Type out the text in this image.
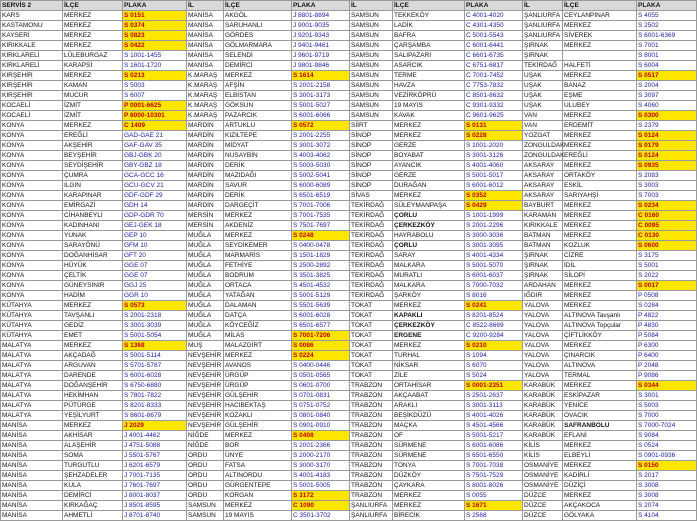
SERVİS 2	İLÇE	PLAKA	İL	İLÇE	PLAKA	İL	İLÇE	PLAKA	İL	İLÇE	PLAKA
KARS	MERKEZ	S 0151	MANİSA	AKGÖL	J 8801-8894	SAMSUN	TEKKEKÖY	C 4001-4020	ŞANLIURFA	CEYLANPINAR	S 4055
KASTAMONU	MERKEZ	S 0374	MANİSA	SARUHANLI	J 9001-9035	SAMSUN	LADİK	C 4301-4350	ŞANLIURFA	MERKEZ	S 2502
KAYSERİ	MERKEZ	S 0823	MANİSA	GÖRDES	J 9201-9343	SAMSUN	BAFRA	C 5001-5543	ŞANLIURFA	SİVEREK	S 6001-6369
KIRIKKALE	MERKEZ	S 0422	MANİSA	GÖLMARMARA	J 9401-9461	SAMSUN	ÇARŞAMBA	C 6001-6441	ŞIRNAK	MERKEZ	S 7001
KIRKLARELİ	LÜLEBURGAZ	S 1001-1455	MANİSA	SELENDİ	J 9601-9719	SAMSUN	SALIPAZARI	C 6601-6735	ŞIRNAK		S 8001
KIRKLARELİ	KARAPSİ	S 1601-1720	MANİSA	DEMİRCİ	J 9801-9846	SAMSUN	ASARCIK	C 6751-6817	TEKİRDAĞ	HALFETİ	S 6004
KIRŞEHİR	MERKEZ	S 0213	K.MARAŞ	MERKEZ	S 1614	SAMSUN	TERME	C 7001-7452	UŞAK	MERKEZ	S 0517
KIRŞEHİR	KAMAN	S 5003	K.MARAŞ	AFŞİN	S 2001-2158	SAMSUN	HAVZA	C 7753-7832	UŞAK	BANAZ	S 2004
KIRŞEHİR	MUCUR	S 6007	K.MARAŞ	ELBİSTAN	S 3001-3173	SAMSUN	VEZİRKÖPRÜ	C 8501-8632	UŞAK	EŞME	S 3097
KOCAELİ	İZMİT	P 0001-6625	K.MARAŞ	GÖKSUN	S 5001-5027	SAMSUN	19 MAYIS	C 9301-9332	UŞAK	ULUBEY	S 4060
KOCAELİ	İZMİT	P 8000-10301	K.MARAŞ	PAZARCIK	S 6001-6066	SAMSUN	KAVAK	C 9601-9625	VAN	MERKEZ	S 0300
KONYA	MERKEZ	C 1409	MARDİN	ARTUKLU	S 0572	SİİRT	MERKEZ	S 0131	VAN	ERDEMİT	S 2379
KONYA	EREĞLİ	GAD-GAE 21	MARDİN	KIZILTEPE	S 2001-2255	SİNOP	MERKEZ	S 0228	YOZGAT	MERKEZ	S 0124
KONYA	AKŞEHİR	GAF-GAV 35	MARDİN	MİDYAT	S 3001-3072	SİNOP	GERZE	S 1001-2020	ZONGULDAK	MERKEZ	S 0179
KONYA	BEYŞEHİR	GBJ-GBK 20	MARDİN	NUSAYBİN	S 4003-4062	SİNOP	BOYABAT	S 3001-3126	ZONGULDAK	EREĞLİ	S 0124
KONYA	SEYDİŞEHİR	GBY-GBZ 18	MARDİN	DERİK	S 5003-5030	SİNOP	AYANCIK	S 4001-4060	AKSARAY	MERKEZ	S 0935
KONYA	ÇUMRA	GCA-GCC 16	MARDİN	MAZIDAĞI	S 5002-5041	SİNOP	GERZE	S 5001-5017	AKSARAY	ORTAKÖY	S 2083
KONYA	ILGIN	GCU-GCV 21	MARDİN	SAVUR	S 6000-6089	SİNOP	DURAĞAN	S 6001-6012	AKSARAY	ESKİL	S 3003
KONYA	KARAPINAR	GDF-GDF 29	MARDİN	DERİK	S 6501-6519	SİVAS	MERKEZ	S 0352	AKSARAY	SARIYAHŞİ	S 7003
KONYA	EMİRGAZİ	GDH 14	MARDİN	DARGEÇİT	S 7001-7006	TEKİRDAĞ	SÜLEYMANPAŞA	S 0429	BAYBURT	MERKEZ	S 0234
KONYA	CİHANBEYLİ	GDP-GDR 70	MERSİN	MERKEZ	S 7001-7535	TEKİRDAĞ	ÇORLU	S 1001-1999	KARAMAN	MERKEZ	C 0160
KONYA	KADINHANI	GEJ-GEK 18	MERSİN	AKDENİZ	S 7501-7697	TEKİRDAĞ	ÇERKEZKÖY	S 2001-2296	KIRIKKALE	MERKEZ	C 0095
KONYA	YUNAK	GEP 10	MUĞLA	MERKEZ	S 0248	TEKİRDAĞ	HAYRABOLU	S 3000-3036	BATMAN	MERKEZ	C 0130
KONYA	SARAYÖNÜ	GFM 10	MUĞLA	SEYDİKEMER	S 0400-0478	TEKİRDAĞ	ÇORLU	S 3001-3095	BATMAN	KOZLUK	S 0600
KONYA	DOĞANHİSAR	GFT 20	MUĞLA	MARMARİS	S 1501-1829	TEKİRDAĞ	SARAY	S 4001-4334	ŞIRNAK	CİZRE	S 3175
KONYA	HÜYÜK	GGE 07	MUĞLA	FETHİYE	S 2500-2892	TEKİRDAĞ	MALKARA	S 5001-5070	ŞIRNAK	İDİL	S 5001
KONYA	ÇELTİK	GGE 07	MUĞLA	BODRUM	S 3501-3825	TEKİRDAĞ	MURATLI	S 6001-6037	ŞIRNAK	SİLOPİ	S 2022
KONYA	GÜNEYSINIR	GGJ 25	MUĞLA	ORTACA	S 4501-4532	TEKİRDAĞ	MALKARA	S 7000-7032	ARDAHAN	MERKEZ	S 0017
KONYA	HADİM	GGR 10	MUĞLA	YATAĞAN	S 5001-5129	TEKİRDAĞ	ŞARKÖY	S 8016	IĞDIR	MERKEZ	P 0508
KÜTAHYA	MERKEZ	S 0573	MUĞLA	DALAMAN	S 5501-5639	TOKAT	MERKEZ	S 0241	YALOVA	MERKEZ	S 0284
KÜTAHYA	TAVŞANLI	S 2001-2318	MUĞLA	DATÇA	S 6001-6028	TOKAT	KAPAKLI	S 8201-8524	YALOVA	ALTINOVA Tavşanlı	P 4822
KÜTAHYA	GEDİZ	S 3001-3039	MUĞLA	KÖYCEĞİZ	S 6501-6577	TOKAT	ÇERKEZKÖY	C 8522-8669	YALOVA	ALTINOVA Topçular	P 4830
KÜTAHYA	EMET	S 5001-5054	MUĞLA	MİLAS	S 7001-7206	TOKAT	ERGENE	C 9200-9284	YALOVA	ÇİFTLİKKÖY	P 5084
MALATYA	MERKEZ	S 1368	MUŞ	MALAZGİRT	S 0086	TOKAT	MERKEZ	S 0210	YALOVA	MERKEZ	P 6300
MALATYA	AKÇADAĞ	S 5001-5114	NEVŞEHİR	MERKEZ	S 0224	TOKAT	TURHAL	S 1094	YALOVA	ÇINARCIK	P 6400
MALATYA	ARGUVAN	S 5701-5787	NEVŞEHİR	AVANOS	S 0400-0446	TOKAT	NİKSAR	S 6070	YALOVA	ALTINOVA	P 2048
MALATYA	DARENDE	S 6001-6028	NEVŞEHİR	ÜRGÜP	S 0501-0565	TOKAT	ZİLE	S 5024	YALOVA	TERMAL	P 9086
MALATYA	DOĞANŞEHİR	S 6750-6880	NEVŞEHİR	ÜRGÜP	S 0601-0700	TRABZON	ORTAHİSAR	S 0001-2351	KARABÜK	MERKEZ	S 0344
MALATYA	HEKİMHAN	S 7801-7822	NEVŞEHİR	GÜLŞEHİR	S 0701-0831	TRABZON	AKÇAABAT	S 2501-2637	KARABÜK	ESKİPAZAR	S 3001
MALATYA	PÜTÜRGE	S 8201-8333	NEVŞEHİR	HACIBEKTAŞ	S 0751-0752	TRABZON	ARAKLI	S 3001-3113	KARABÜK	YENİCE	S 5003
MALATYA	YEŞİLYURT	S 8601-8679	NEVŞEHİR	KOZAKLI	S 0801-0840	TRABZON	BEŞİKDÜZÜ	S 4001-4026	KARABÜK	OVACIK	S 7000
MANİSA	MERKEZ	J 2029	NEVŞEHİR	GÜLŞEHİR	S 0901-0910	TRABZON	MAÇKA	S 4501-4566	KARABÜK	SAFRANBOLU	S 7000-7024
MANİSA	AKHİSAR	J 4001-4462	NİĞDE	MERKEZ	S 0408	TRABZON	OF	S 5001-5217	KARABÜK	EFLANİ	S 9084
MANİSA	ALAŞEHİR	J 4751-5088	NİĞDE	BOR	S 2001-2366	TRABZON	SÜRMENE	S 6001-6086	KİLİS	MERKEZ	S 0524
MANİSA	SOMA	J 5501-5767	ORDU	ÜNYE	S 2000-2170	TRABZON	SÜRMENE	S 6501-6550	KİLİS	ELBEYLİ	S 0901-0936
MANİSA	TURGUTLU	J 6201-6579	ORDU	FATSA	S 3000-3170	TRABZON	TONYA	S 7001-7038	OSMANİYE	MERKEZ	S 0150
MANİSA	ŞEHZADELER	J 7001-7135	ORDU	ALTINORDU	S 4001-4183	TRABZON	DÜZKÖY	S 7501-7529	OSMANİYE	KADİRLİ	S 2017
MANİSA	KULA	J 7601-7697	ORDU	GÜRGENTEPE	S 5001-5005	TRABZON	ÇAYKARA	S 8001-8026	OSMANİYE	DÜZİÇİ	S 3008
MANİSA	DEMİRCİ	J 8001-8037	ORDU	KORGAN	S 3172	TRABZON	MERKEZ	S 0055	DÜZCE	MERKEZ	S 3008
MANİSA	KIRKAĞAÇ	J 8501-8595	SAMSUN	MERKEZ	C 1090	ŞANLIURFA	MERKEZ	S 1671	DÜZCE	AKÇAKOCA	S 2074
MANİSA	AHMETLİ	J 8701-8740	SAMSUN	19 MAYIS	C 3501-3702	ŞANLIURFA	BİRECİK	S 2568	DÜZCE	GÖLYAKA	S 4104
